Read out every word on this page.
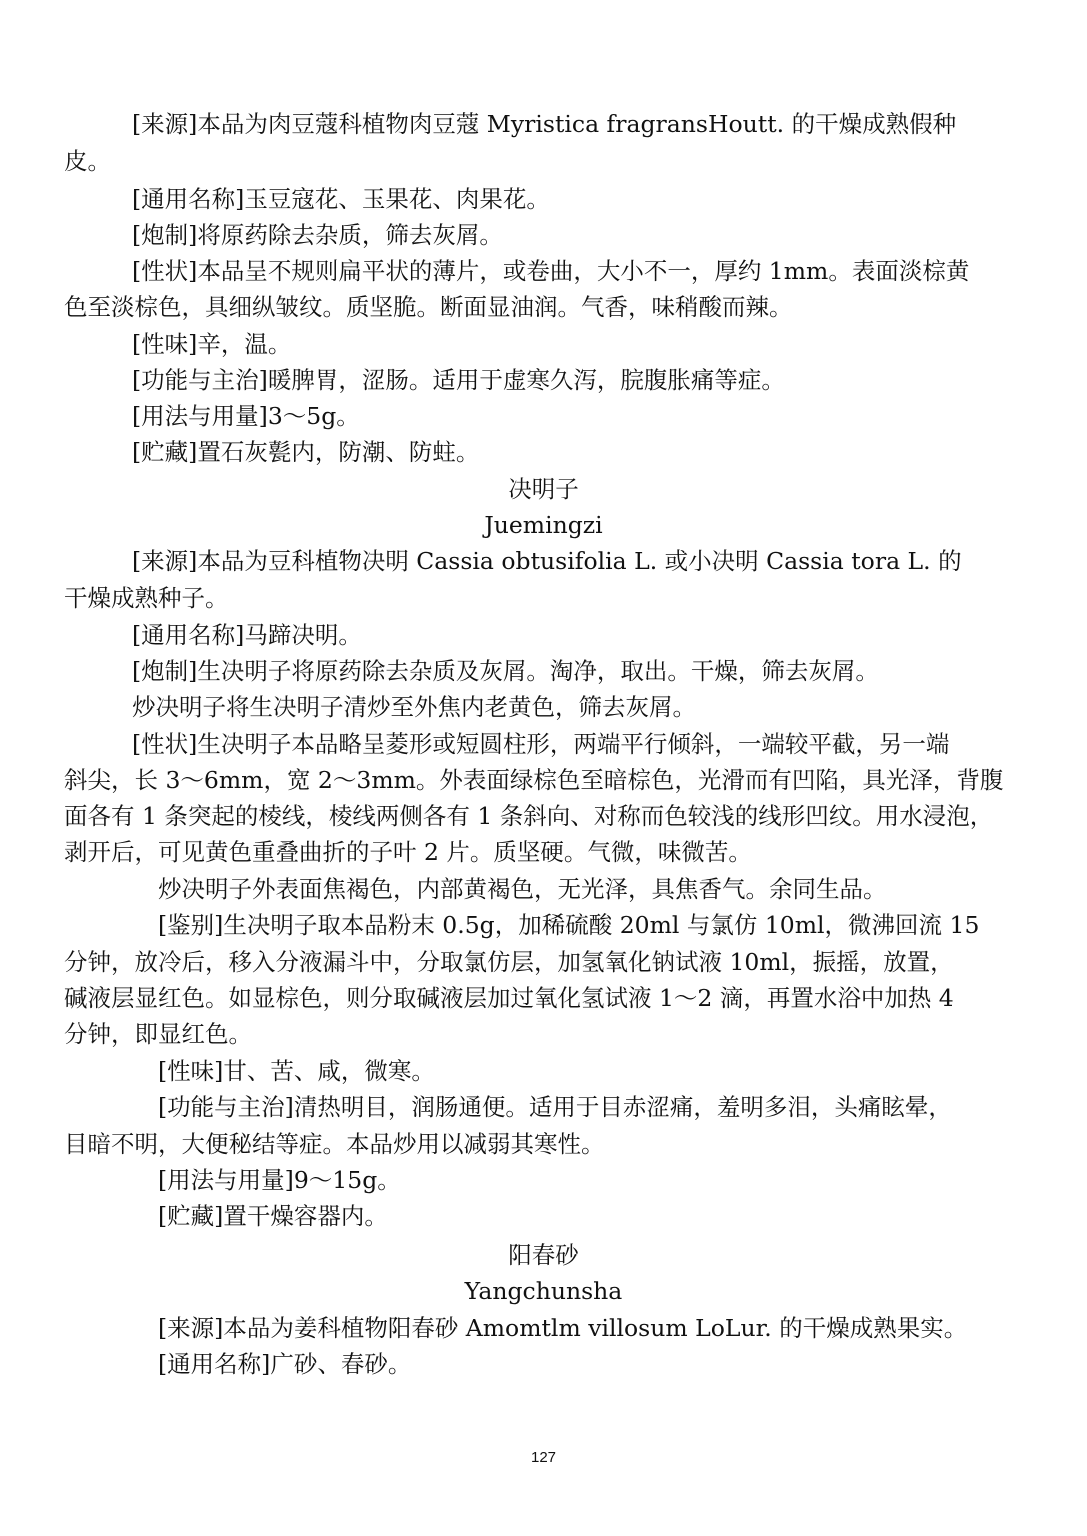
[来源]本品为肉豆蔻科植物肉豆蔻 Myristica fragransHoutt. 的干燥成熟假种

皮。

[通用名称]玉豆寇花、玉果花、肉果花。

[炮制]将原药除去杂质，筛去灰屑。

[性状]本品呈不规则扁平状的薄片，或卷曲，大小不一，厚约 1mm。表面淡棕黄

色至淡棕色，具细纵皱纹。质坚脆。断面显油润。气香，味稍酸而辣。

[性味]辛，温。

[功能与主治]暖脾胃，涩肠。适用于虚寒久泻，脘腹胀痛等症。

[用法与用量]3～5g。

[贮藏]置石灰甏内，防潮、防蛀。

决明子

Juemingzi

[来源]本品为豆科植物决明 Cassia obtusifolia L. 或小决明 Cassia tora L. 的

干燥成熟种子。

[通用名称]马蹄决明。

[炮制]生决明子将原药除去杂质及灰屑。淘净，取出。干燥，筛去灰屑。

炒决明子将生决明子清炒至外焦内老黄色，筛去灰屑。

[性状]生决明子本品略呈菱形或短圆柱形，两端平行倾斜，一端较平截，另一端

斜尖，长 3～6mm，宽 2～3mm。外表面绿棕色至暗棕色，光滑而有凹陷，具光泽，背腹

面各有 1 条突起的棱线，棱线两侧各有 1 条斜向、对称而色较浅的线形凹纹。用水浸泡，

剥开后，可见黄色重叠曲折的子叶 2 片。质坚硬。气微，味微苦。

炒决明子外表面焦褐色，内部黄褐色，无光泽，具焦香气。余同生品。

[鉴别]生决明子取本品粉末 0.5g，加稀硫酸 20ml 与氯仿 10ml，微沸回流 15

分钟，放冷后，移入分液漏斗中，分取氯仿层，加氢氧化钠试液 10ml，振摇，放置，

碱液层显红色。如显棕色，则分取碱液层加过氧化氢试液 1～2 滴，再置水浴中加热 4

分钟，即显红色。

[性味]甘、苦、咸，微寒。

[功能与主治]清热明目，润肠通便。适用于目赤涩痛，羞明多泪，头痛眩晕，

目暗不明，大便秘结等症。本品炒用以减弱其寒性。

[用法与用量]9～15g。

[贮藏]置干燥容器内。

阳春砂

Yangchunsha

[来源]本品为姜科植物阳春砂 Amomtlm villosum LoLur. 的干燥成熟果实。

[通用名称]广砂、春砂。

127
